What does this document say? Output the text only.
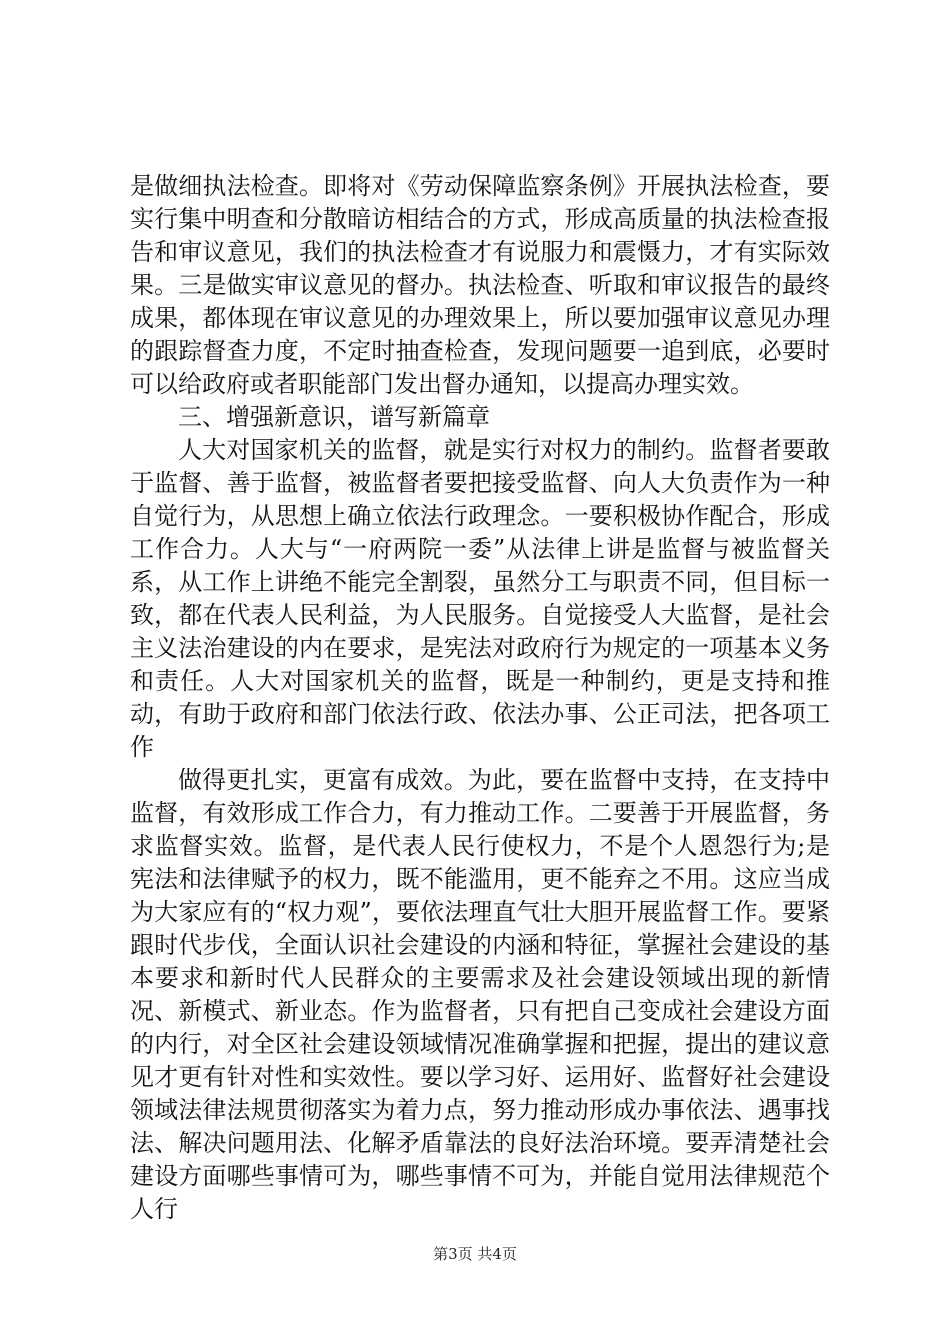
是做细执法检查。即将对《劳动保障监察条例》开展执法检查，要实行集中明查和分散暗访相结合的方式，形成高质量的执法检查报告和审议意见，我们的执法检查才有说服力和震慑力，才有实际效果。三是做实审议意见的督办。执法检查、听取和审议报告的最终成果，都体现在审议意见的办理效果上，所以要加强审议意见办理的跟踪督查力度，不定时抽查检查，发现问题要一追到底，必要时可以给政府或者职能部门发出督办通知，以提高办理实效。

三、增强新意识，谱写新篇章

人大对国家机关的监督，就是实行对权力的制约。监督者要敢于监督、善于监督，被监督者要把接受监督、向人大负责作为一种自觉行为，从思想上确立依法行政理念。一要积极协作配合，形成工作合力。人大与“一府两院一委”从法律上讲是监督与被监督关系，从工作上讲绝不能完全割裂，虽然分工与职责不同，但目标一致，都在代表人民利益，为人民服务。自觉接受人大监督，是社会主义法治建设的内在要求，是宪法对政府行为规定的一项基本义务和责任。人大对国家机关的监督，既是一种制约，更是支持和推动，有助于政府和部门依法行政、依法办事、公正司法，把各项工作

做得更扎实，更富有成效。为此，要在监督中支持，在支持中监督，有效形成工作合力，有力推动工作。二要善于开展监督，务求监督实效。监督，是代表人民行使权力，不是个人恩怨行为;是宪法和法律赋予的权力，既不能滥用，更不能弃之不用。这应当成为大家应有的“权力观”，要依法理直气壮大胆开展监督工作。要紧跟时代步伐，全面认识社会建设的内涵和特征，掌握社会建设的基本要求和新时代人民群众的主要需求及社会建设领域出现的新情况、新模式、新业态。作为监督者，只有把自己变成社会建设方面的内行，对全区社会建设领域情况准确掌握和把握，提出的建议意见才更有针对性和实效性。要以学习好、运用好、监督好社会建设领域法律法规贯彻落实为着力点，努力推动形成办事依法、遇事找法、解决问题用法、化解矛盾靠法的良好法治环境。要弄清楚社会建设方面哪些事情可为，哪些事情不可为，并能自觉用法律规范个人行

第3页 共4页
